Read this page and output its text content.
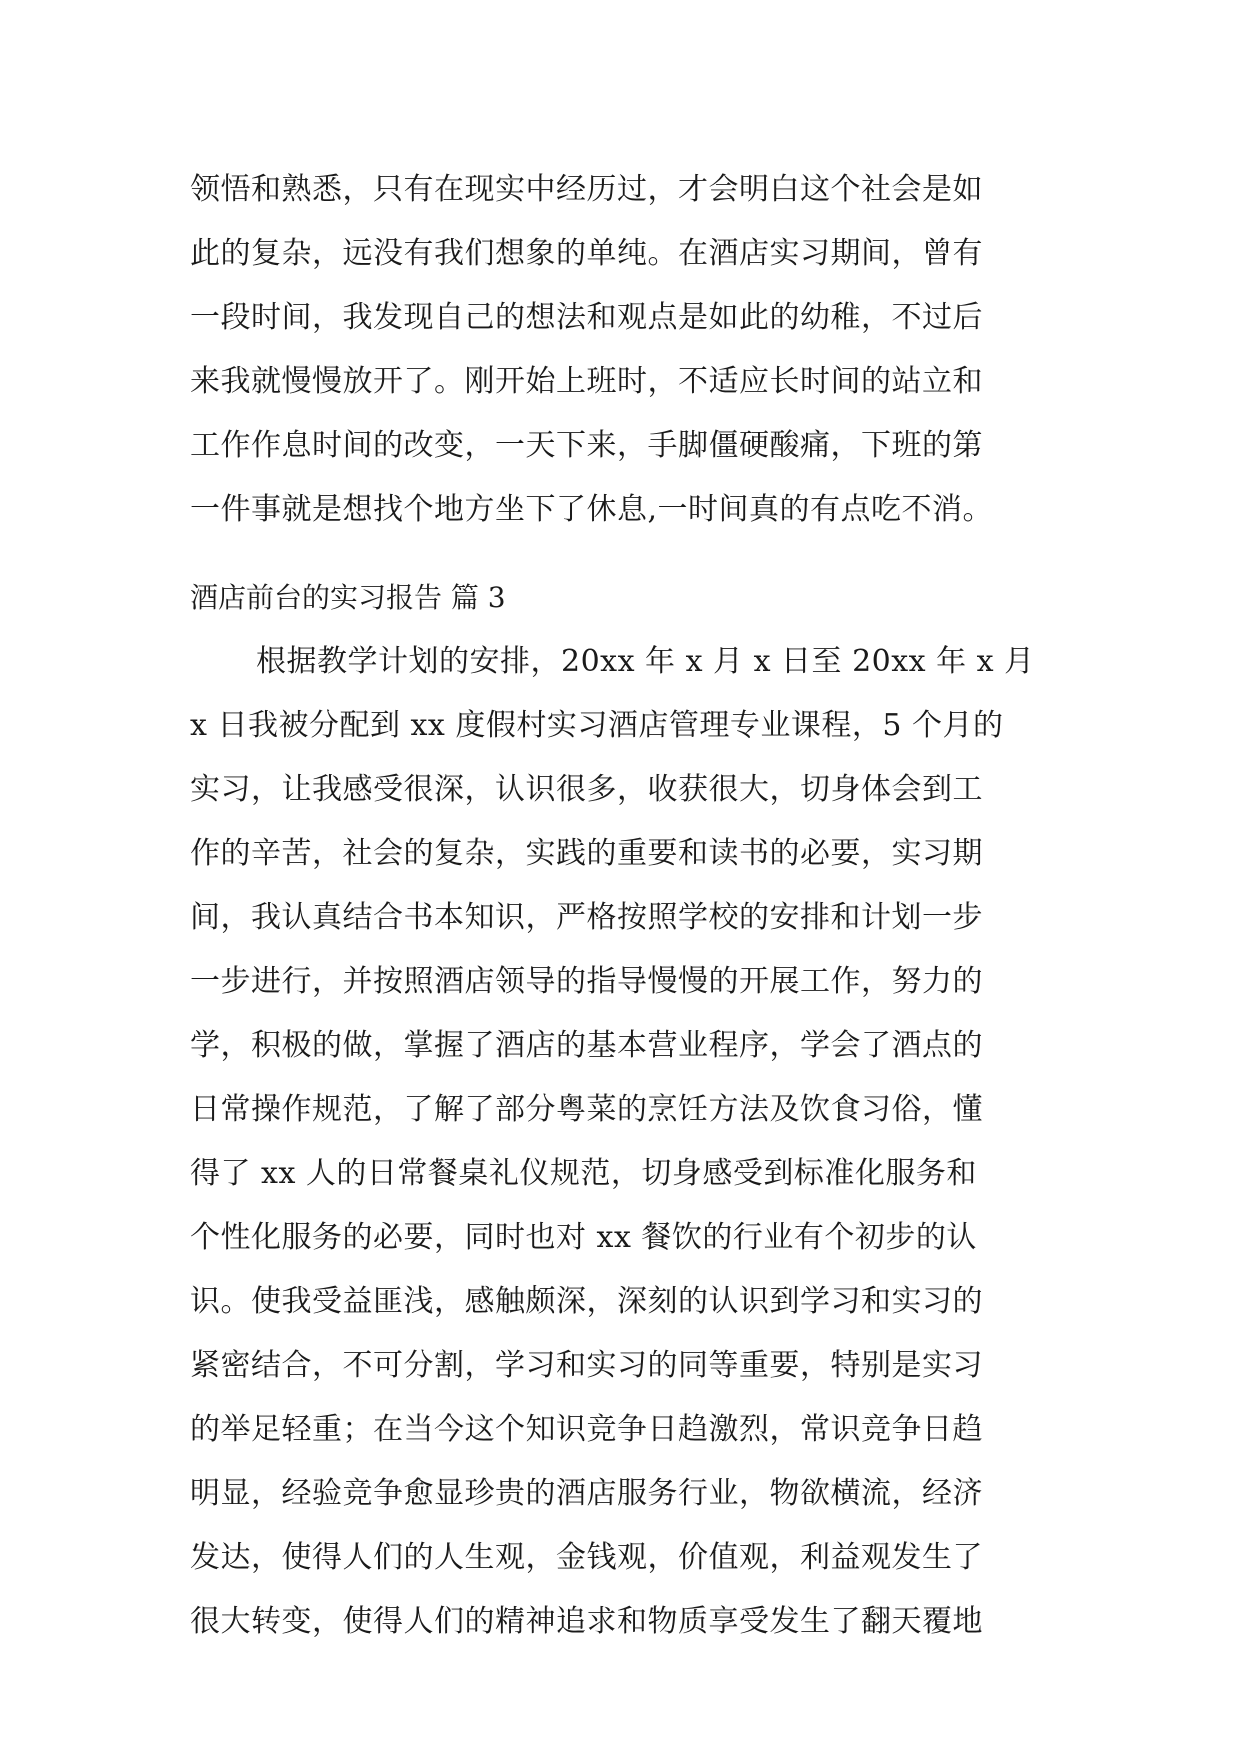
领悟和熟悉，只有在现实中经历过，才会明白这个社会是如
此的复杂，远没有我们想象的单纯。在酒店实习期间，曾有
一段时间，我发现自己的想法和观点是如此的幼稚，不过后
来我就慢慢放开了。刚开始上班时，不适应长时间的站立和
工作作息时间的改变，一天下来，手脚僵硬酸痛，下班的第
一件事就是想找个地方坐下了休息,一时间真的有点吃不消。
酒店前台的实习报告 篇 3
根据教学计划的安排，20xx 年 x 月 x 日至 20xx 年 x 月
x 日我被分配到 xx 度假村实习酒店管理专业课程，5 个月的
实习，让我感受很深，认识很多，收获很大，切身体会到工
作的辛苦，社会的复杂，实践的重要和读书的必要，实习期
间，我认真结合书本知识，严格按照学校的安排和计划一步
一步进行，并按照酒店领导的指导慢慢的开展工作，努力的
学，积极的做，掌握了酒店的基本营业程序，学会了酒点的
日常操作规范，了解了部分粤菜的烹饪方法及饮食习俗，懂
得了 xx 人的日常餐桌礼仪规范，切身感受到标准化服务和
个性化服务的必要，同时也对 xx 餐饮的行业有个初步的认
识。使我受益匪浅，感触颇深，深刻的认识到学习和实习的
紧密结合，不可分割，学习和实习的同等重要，特别是实习
的举足轻重；在当今这个知识竞争日趋激烈，常识竞争日趋
明显，经验竞争愈显珍贵的酒店服务行业，物欲横流，经济
发达，使得人们的人生观，金钱观，价值观，利益观发生了
很大转变，使得人们的精神追求和物质享受发生了翻天覆地
